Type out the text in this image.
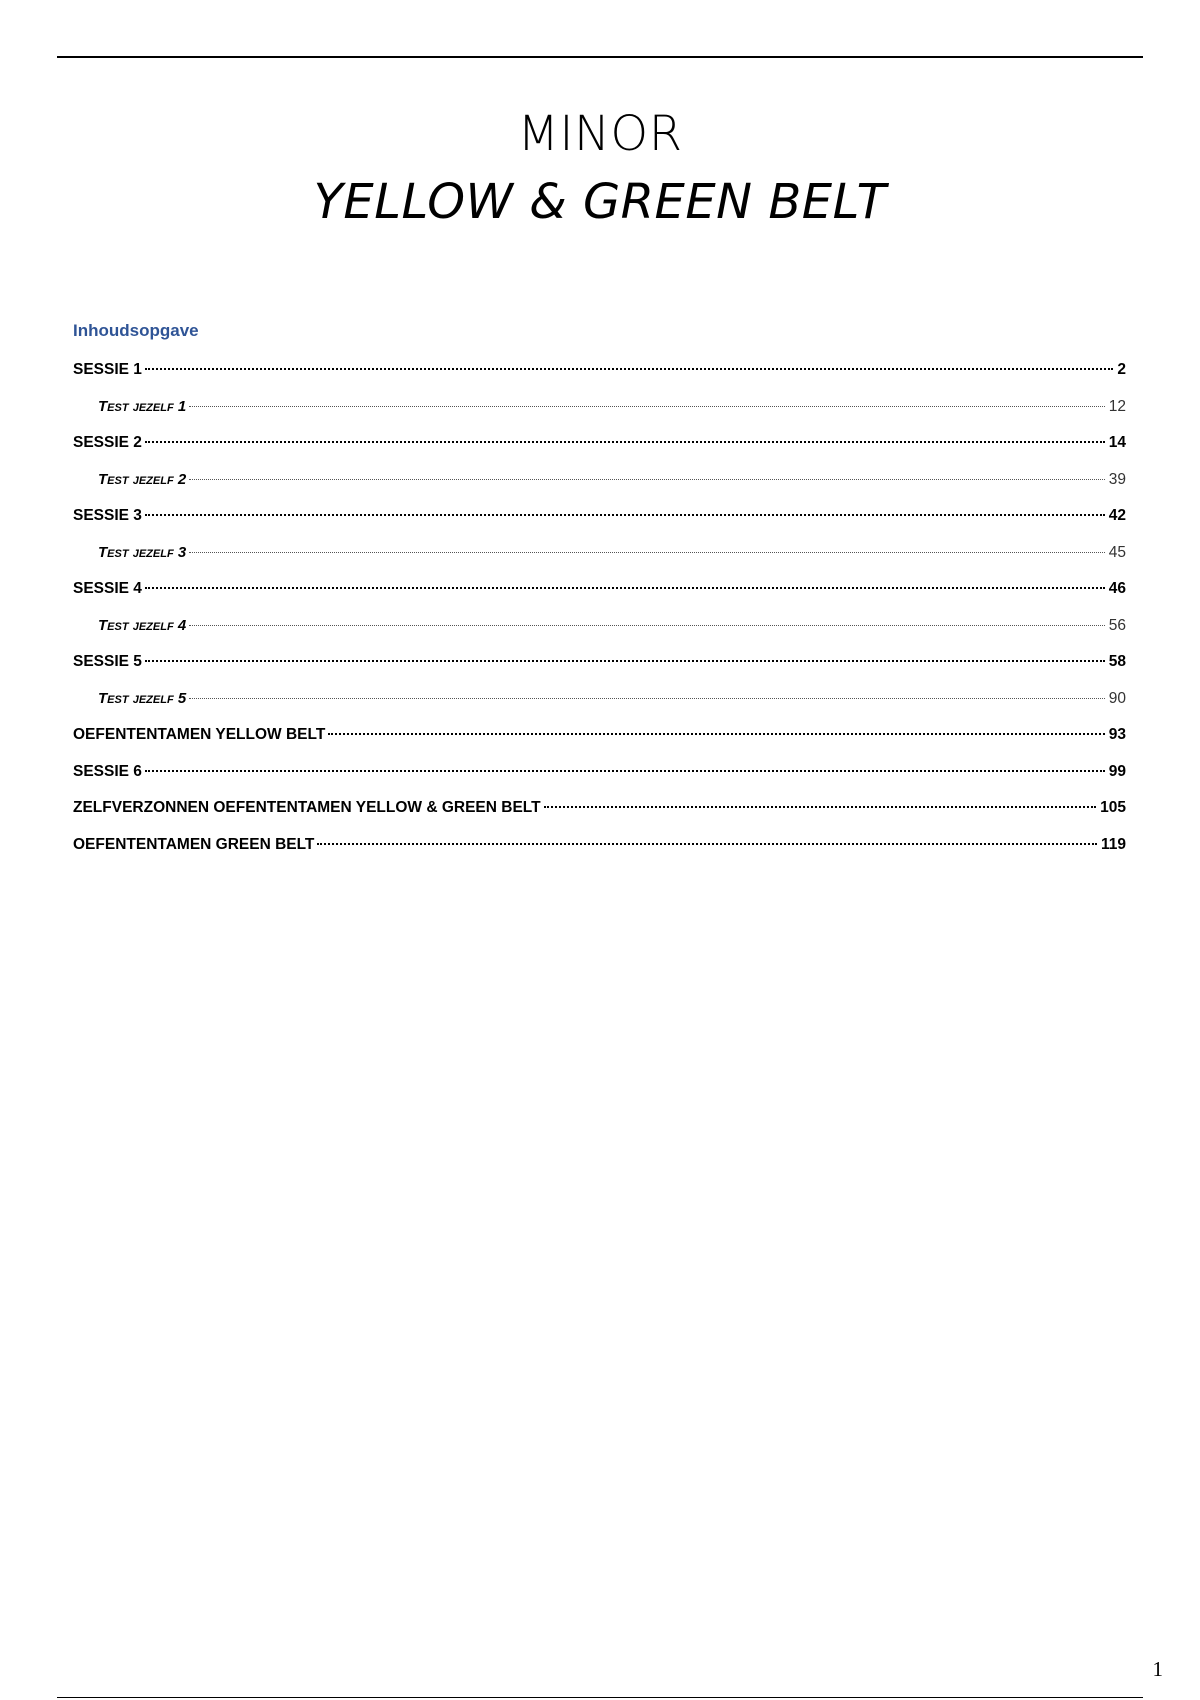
MINOR
YELLOW & GREEN BELT
Inhoudsopgave
SESSIE 1	2
Test jezelf 1	12
SESSIE 2	14
Test jezelf 2	39
SESSIE 3	42
Test jezelf 3	45
SESSIE 4	46
Test jezelf 4	56
SESSIE 5	58
Test jezelf 5	90
OEFENTENTAMEN YELLOW BELT	93
SESSIE 6	99
ZELFVERZONNEN OEFENTENTAMEN YELLOW & GREEN BELT	105
OEFENTENTAMEN GREEN BELT	119
1
